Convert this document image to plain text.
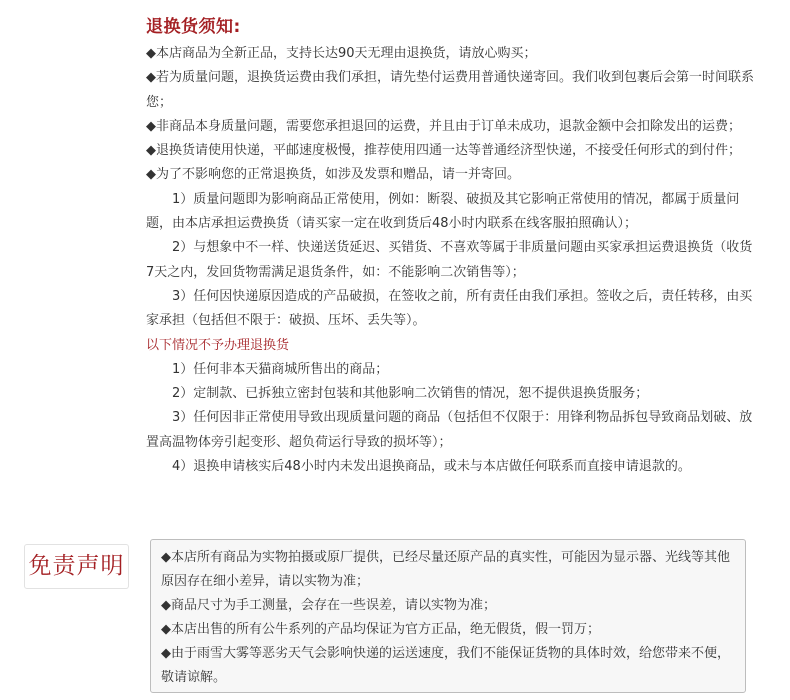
退换货须知:

◆本店商品为全新正品，支持长达90天无理由退换货，请放心购买；

◆若为质量问题，退换货运费由我们承担，请先垫付运费用普通快递寄回。我们收到包裹后会第一时间联系您；

◆非商品本身质量问题，需要您承担退回的运费，并且由于订单未成功，退款金额中会扣除发出的运费；

◆退换货请使用快递，平邮速度极慢，推荐使用四通一达等普通经济型快递，不接受任何形式的到付件；

◆为了不影响您的正常退换货，如涉及发票和赠品，请一并寄回。

1）质量问题即为影响商品正常使用，例如：断裂、破损及其它影响正常使用的情况，都属于质量问题，由本店承担运费换货（请买家一定在收到货后48小时内联系在线客服拍照确认）；

2）与想象中不一样、快递送货延迟、买错货、不喜欢等属于非质量问题由买家承担运费退换货（收货7天之内，发回货物需满足退货条件，如：不能影响二次销售等）；

3）任何因快递原因造成的产品破损，在签收之前，所有责任由我们承担。签收之后，责任转移，由买家承担（包括但不限于：破损、压坏、丢失等）。

以下情况不予办理退换货

1）任何非本天猫商城所售出的商品；

2）定制款、已拆独立密封包装和其他影响二次销售的情况，恕不提供退换货服务；

3）任何因非正常使用导致出现质量问题的商品（包括但不仅限于：用锋利物品拆包导致商品划破、放置高温物体旁引起变形、超负荷运行导致的损坏等）；

4）退换申请核实后48小时内未发出退换商品，或未与本店做任何联系而直接申请退款的。

免责声明	◆本店所有商品为实物拍摄或原厂提供，已经尽量还原产品的真实性，可能因为显示器、光线等其他原因存在细小差异，请以实物为准；

◆商品尺寸为手工测量，会存在一些误差，请以实物为准；

◆本店出售的所有公牛系列的产品均保证为官方正品，绝无假货，假一罚万；

◆由于雨雪大雾等恶劣天气会影响快递的运送速度，我们不能保证货物的具体时效，给您带来不便，敬请谅解。
